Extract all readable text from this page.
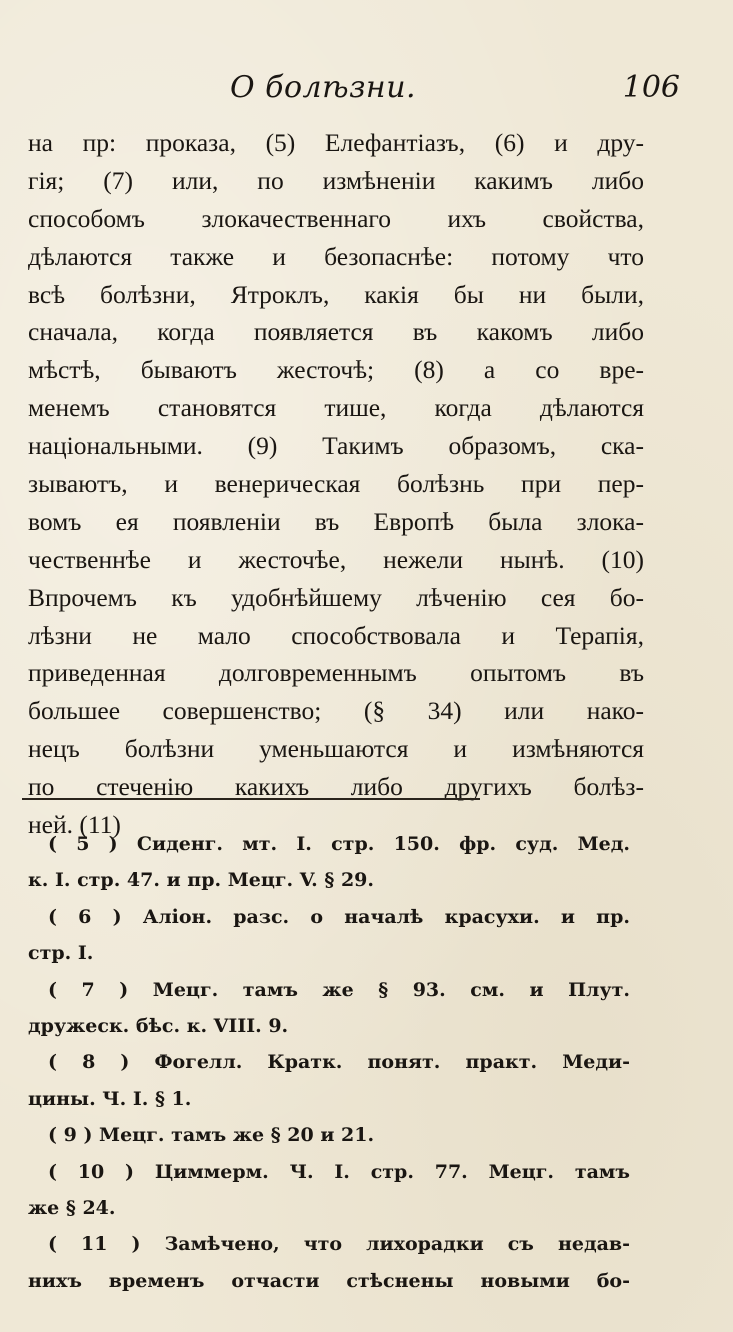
О болѣзни.	106
на пр: проказа, (5) Елефантіазъ, (6) и дру-
гія; (7) или, по измѣненіи какимъ либо
способомъ злокачественнаго ихъ свойства,
дѣлаются также и безопаснѣе: потому что
всѣ болѣзни, Ятроклъ, какія бы ни были,
сначала, когда появляется въ какомъ либо
мѣстѣ, бываютъ жесточѣ; (8) а со вре-
менемъ становятся тише, когда дѣлаются
національными. (9) Такимъ образомъ, ска-
зываютъ, и венерическая болѣзнь при пер-
вомъ ея появленіи въ Европѣ была злока-
чественнѣе и жесточѣе, нежели нынѣ. (10)
Впрочемъ къ удобнѣйшему лѣченію сея бо-
лѣзни не мало способствовала и Терапія,
приведенная долговременнымъ опытомъ въ
большее совершенство; (§ 34) или нако-
нецъ болѣзни уменьшаются и измѣняются
по стеченію какихъ либо другихъ болѣз-
ней. (11)
( 5 ) Сиденг. мт. I. стр. 150. фр. суд. Мед.
к. I. стр. 47. и пр. Мецг. V. § 29.
( 6 ) Аліон. разс. о началѣ красухи. и пр.
стр. I.
( 7 ) Мецг. тамъ же § 93. см. и Плут.
дружеск. бѣс. к. VIII. 9.
( 8 ) Фогелл. Кратк. понят. практ. Меди-
цины. Ч. I. § 1.
( 9 ) Мецг. тамъ же § 20 и 21.
( 10 ) Циммерм. Ч. I. стр. 77. Мецг. тамъ
же § 24.
( 11 ) Замѣчено, что лихорадки съ недав-
нихъ временъ отчасти стѣснены новыми бо-
